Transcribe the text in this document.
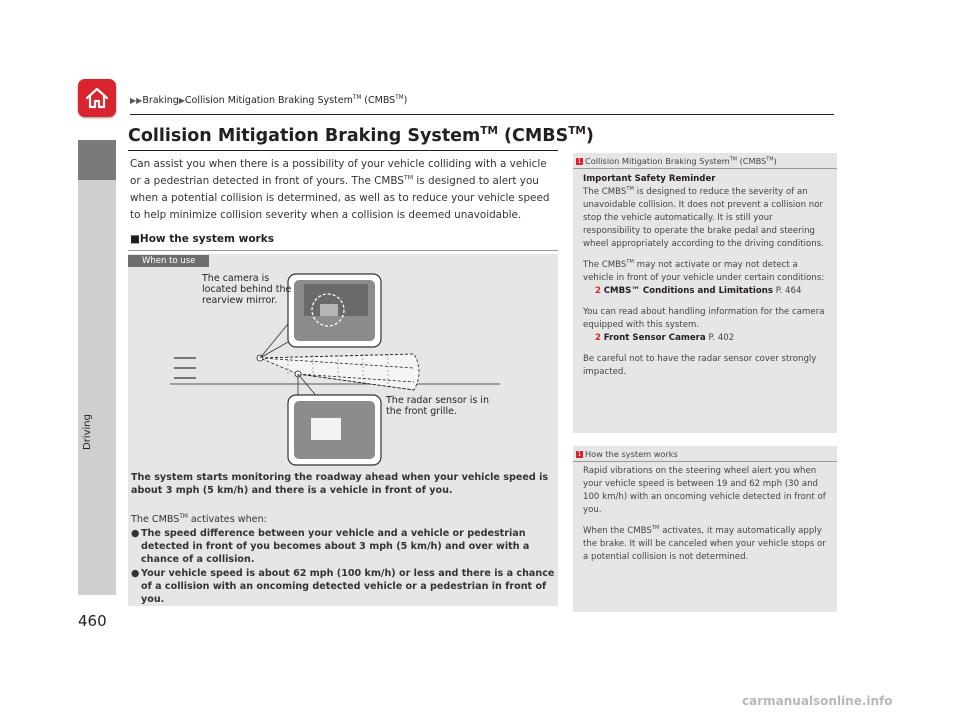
▶▶Braking▶Collision Mitigation Braking System™ (CMBS™)
Driving
Collision Mitigation Braking System™ (CMBS™)
Can assist you when there is a possibility of your vehicle colliding with a vehicle or a pedestrian detected in front of yours. The CMBS™ is designed to alert you when a potential collision is determined, as well as to reduce your vehicle speed to help minimize collision severity when a collision is deemed unavoidable.
■How the system works
When to use
The camera is located behind the rearview mirror.
The radar sensor is in the front grille.
The system starts monitoring the roadway ahead when your vehicle speed is about 3 mph (5 km/h) and there is a vehicle in front of you.
The CMBS™ activates when:
● The speed difference between your vehicle and a vehicle or pedestrian detected in front of you becomes about 3 mph (5 km/h) and over with a chance of a collision.
● Your vehicle speed is about 62 mph (100 km/h) or less and there is a chance of a collision with an oncoming detected vehicle or a pedestrian in front of you.
1 Collision Mitigation Braking System™ (CMBS™)
Important Safety Reminder
The CMBS™ is designed to reduce the severity of an unavoidable collision. It does not prevent a collision nor stop the vehicle automatically. It is still your responsibility to operate the brake pedal and steering wheel appropriately according to the driving conditions.
The CMBS™ may not activate or may not detect a vehicle in front of your vehicle under certain conditions:
2 CMBS™ Conditions and Limitations P. 464
You can read about handling information for the camera equipped with this system.
2 Front Sensor Camera P. 402
Be careful not to have the radar sensor cover strongly impacted.
1 How the system works
Rapid vibrations on the steering wheel alert you when your vehicle speed is between 19 and 62 mph (30 and 100 km/h) with an oncoming vehicle detected in front of you.
When the CMBS™ activates, it may automatically apply the brake. It will be canceled when your vehicle stops or a potential collision is not determined.
460
carmanualsonline.info
